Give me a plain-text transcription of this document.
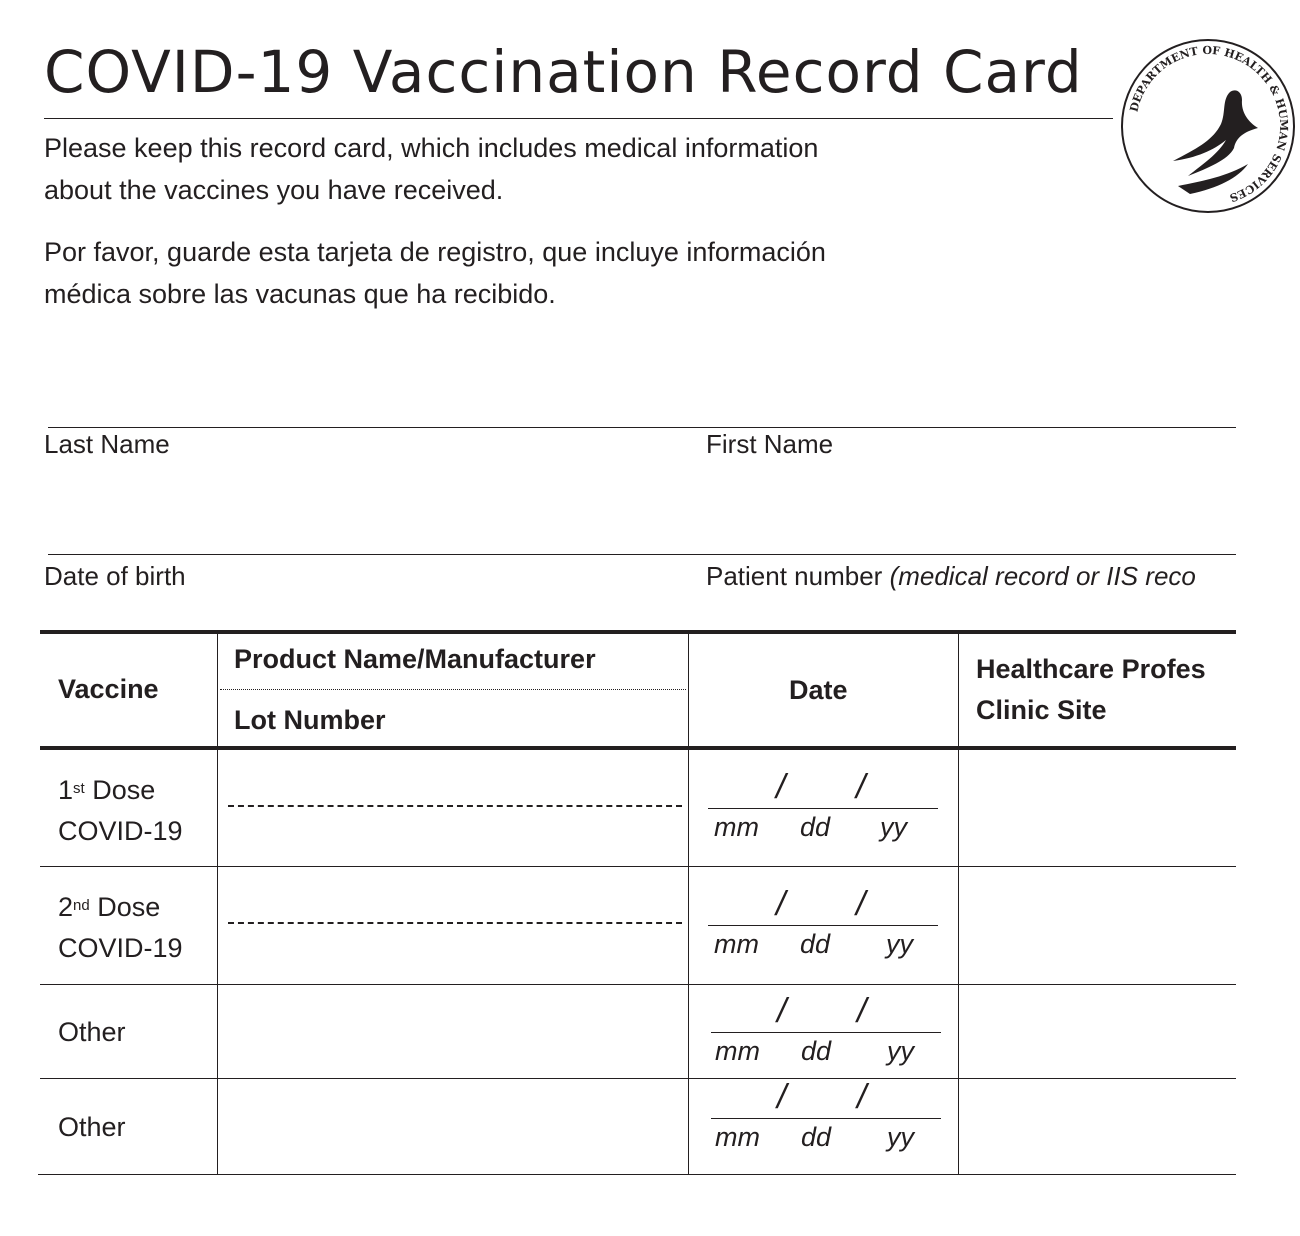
COVID-19 Vaccination Record Card
DEPARTMENT OF HEALTH & HUMAN SERVICES

Please keep this record card, which includes medical information

about the vaccines you have received.

Por favor, guarde esta tarjeta de registro, que incluye información

médica sobre las vacunas que ha recibido.

Last Name	First Name
Date of birth	Patient number (medical record or IIS reco
Vaccine
Product Name/Manufacturer
Lot Number
Date
Healthcare Profes
Clinic Site
1st Dose
COVID-19
/ /
mm dd yy
2nd Dose
COVID-19
/ /
mm dd yy
Other
/ /
mm dd yy
Other
/ /
mm dd yy
